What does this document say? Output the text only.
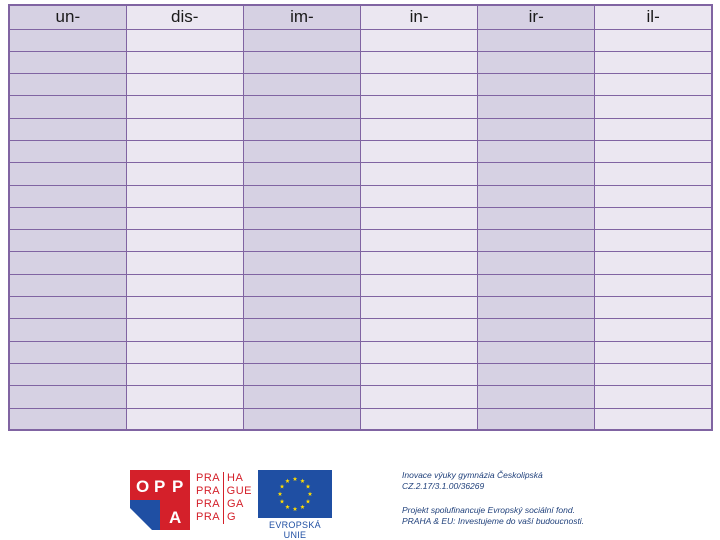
un-	dis-	im-	in-	ir-	il-

O P P
A
PRA HA
PRA GUE
PRA GA
PRA G
EVROPSKÁ UNIE
Inovace výuky gymnázia Českolipská
CZ.2.17/3.1.00/36269
Projekt spolufinancuje Evropský sociální fond.
PRAHA & EU: Investujeme do vaší budoucnosti.
